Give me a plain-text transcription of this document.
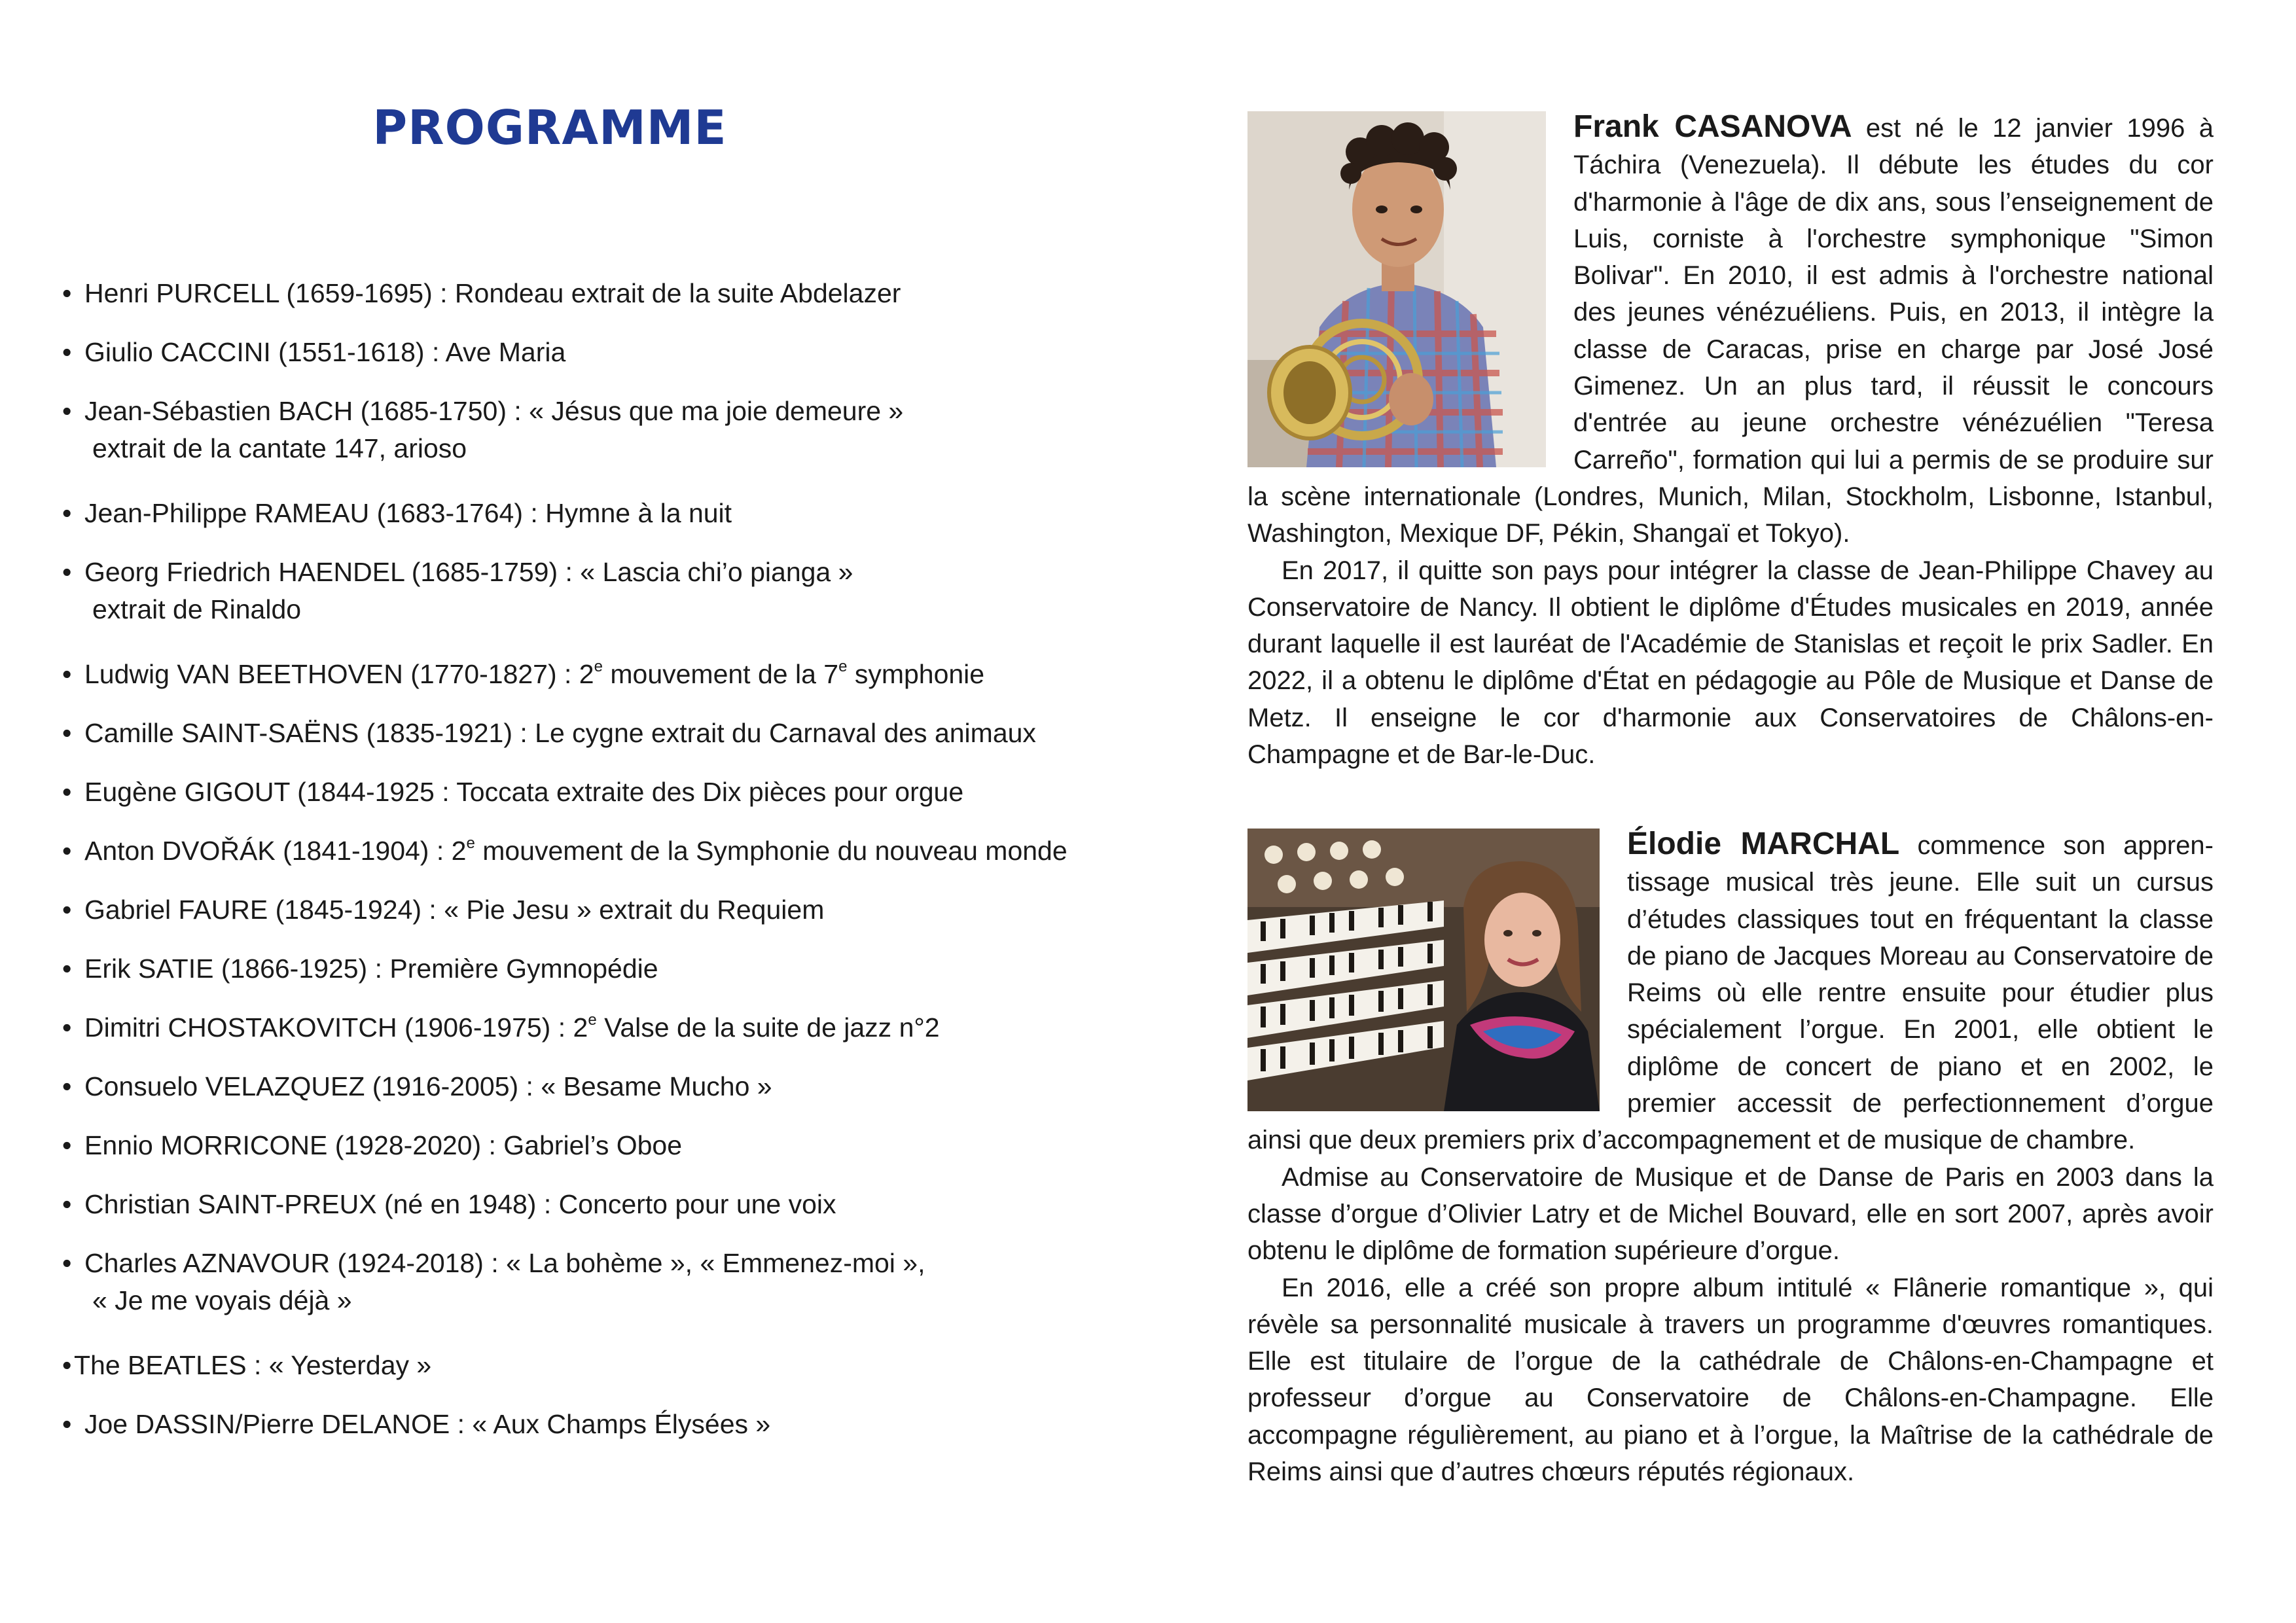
PROGRAMME
• Henri PURCELL (1659-1695) : Rondeau extrait de la suite Abdelazer
• Giulio CACCINI (1551-1618) : Ave Maria
• Jean-Sébastien BACH (1685-1750) : « Jésus que ma joie demeure »
extrait de la cantate 147, arioso
• Jean-Philippe RAMEAU (1683-1764) : Hymne à la nuit
• Georg Friedrich HAENDEL (1685-1759) : « Lascia chi’o pianga »
extrait de Rinaldo
• Ludwig VAN BEETHOVEN (1770-1827) : 2e mouvement de la 7e symphonie
• Camille SAINT-SAËNS (1835-1921) : Le cygne extrait du Carnaval des animaux
• Eugène GIGOUT (1844-1925 : Toccata extraite des Dix pièces pour orgue
• Anton DVOŘÁK (1841-1904) : 2e mouvement de la Symphonie du nouveau monde
• Gabriel FAURE (1845-1924) : « Pie Jesu » extrait du Requiem
• Erik SATIE (1866-1925) : Première Gymnopédie
• Dimitri CHOSTAKOVITCH (1906-1975) : 2e Valse de la suite de jazz n°2
• Consuelo VELAZQUEZ (1916-2005) : « Besame Mucho »
• Ennio MORRICONE (1928-2020) : Gabriel’s Oboe
• Christian SAINT-PREUX (né en 1948) : Concerto pour une voix
• Charles AZNAVOUR (1924-2018) : « La bohème », « Emmenez-moi »,
« Je me voyais déjà »
• The BEATLES : « Yesterday »
• Joe DASSIN/Pierre DELANOE : « Aux Champs Élysées »

Frank CASANOVA est né le 12 janvier 1996 à Táchira (Venezuela). Il débute les études du cor d'harmonie à l'âge de dix ans, sous l’enseignement de Luis, corniste à l'orchestre symphonique "Simon Bolivar". En 2010, il est admis à l'orchestre national des jeunes vénézuéliens. Puis, en 2013, il intègre la classe de Caracas, prise en charge par José José Gimenez. Un an plus tard, il réussit le concours d'entrée au jeune orchestre vénézuélien "Teresa Carreño", formation qui lui a permis de se produire sur la scène internationale (Londres, Munich, Milan, Stockholm, Lisbonne, Istanbul, Washington, Mexique DF, Pékin, Shangaï et Tokyo).

En 2017, il quitte son pays pour intégrer la classe de Jean-Philippe Chavey au Conservatoire de Nancy. Il obtient le diplôme d'Études musicales en 2019, année durant laquelle il est lauréat de l'Académie de Stanislas et reçoit le prix Sadler. En 2022, il a obtenu le diplôme d'État en pédagogie au Pôle de Musique et Danse de Metz. Il enseigne le cor d'harmonie aux Conservatoires de Châlons-en-Champagne et de Bar-le-Duc.

Élodie MARCHAL commence son appren-tissage musical très jeune. Elle suit un cursus d’études classiques tout en fréquentant la classe de piano de Jacques Moreau au Conservatoire de Reims où elle rentre ensuite pour étudier plus spécialement l’orgue. En 2001, elle obtient le diplôme de concert de piano et en 2002, le premier accessit de perfectionnement d’orgue ainsi que deux premiers prix d’accompagnement et de musique de chambre.

Admise au Conservatoire de Musique et de Danse de Paris en 2003 dans la classe d’orgue d’Olivier Latry et de Michel Bouvard, elle en sort 2007, après avoir obtenu le diplôme de formation supérieure d’orgue.

En 2016, elle a créé son propre album intitulé « Flânerie romantique », qui révèle sa personnalité musicale à travers un programme d'œuvres romantiques. Elle est titulaire de l’orgue de la cathédrale de Châlons-en-Champagne et professeur d’orgue au Conservatoire de Châlons-en-Champagne. Elle accompagne régulièrement, au piano et à l’orgue, la Maîtrise de la cathédrale de Reims ainsi que d’autres chœurs réputés régionaux.
